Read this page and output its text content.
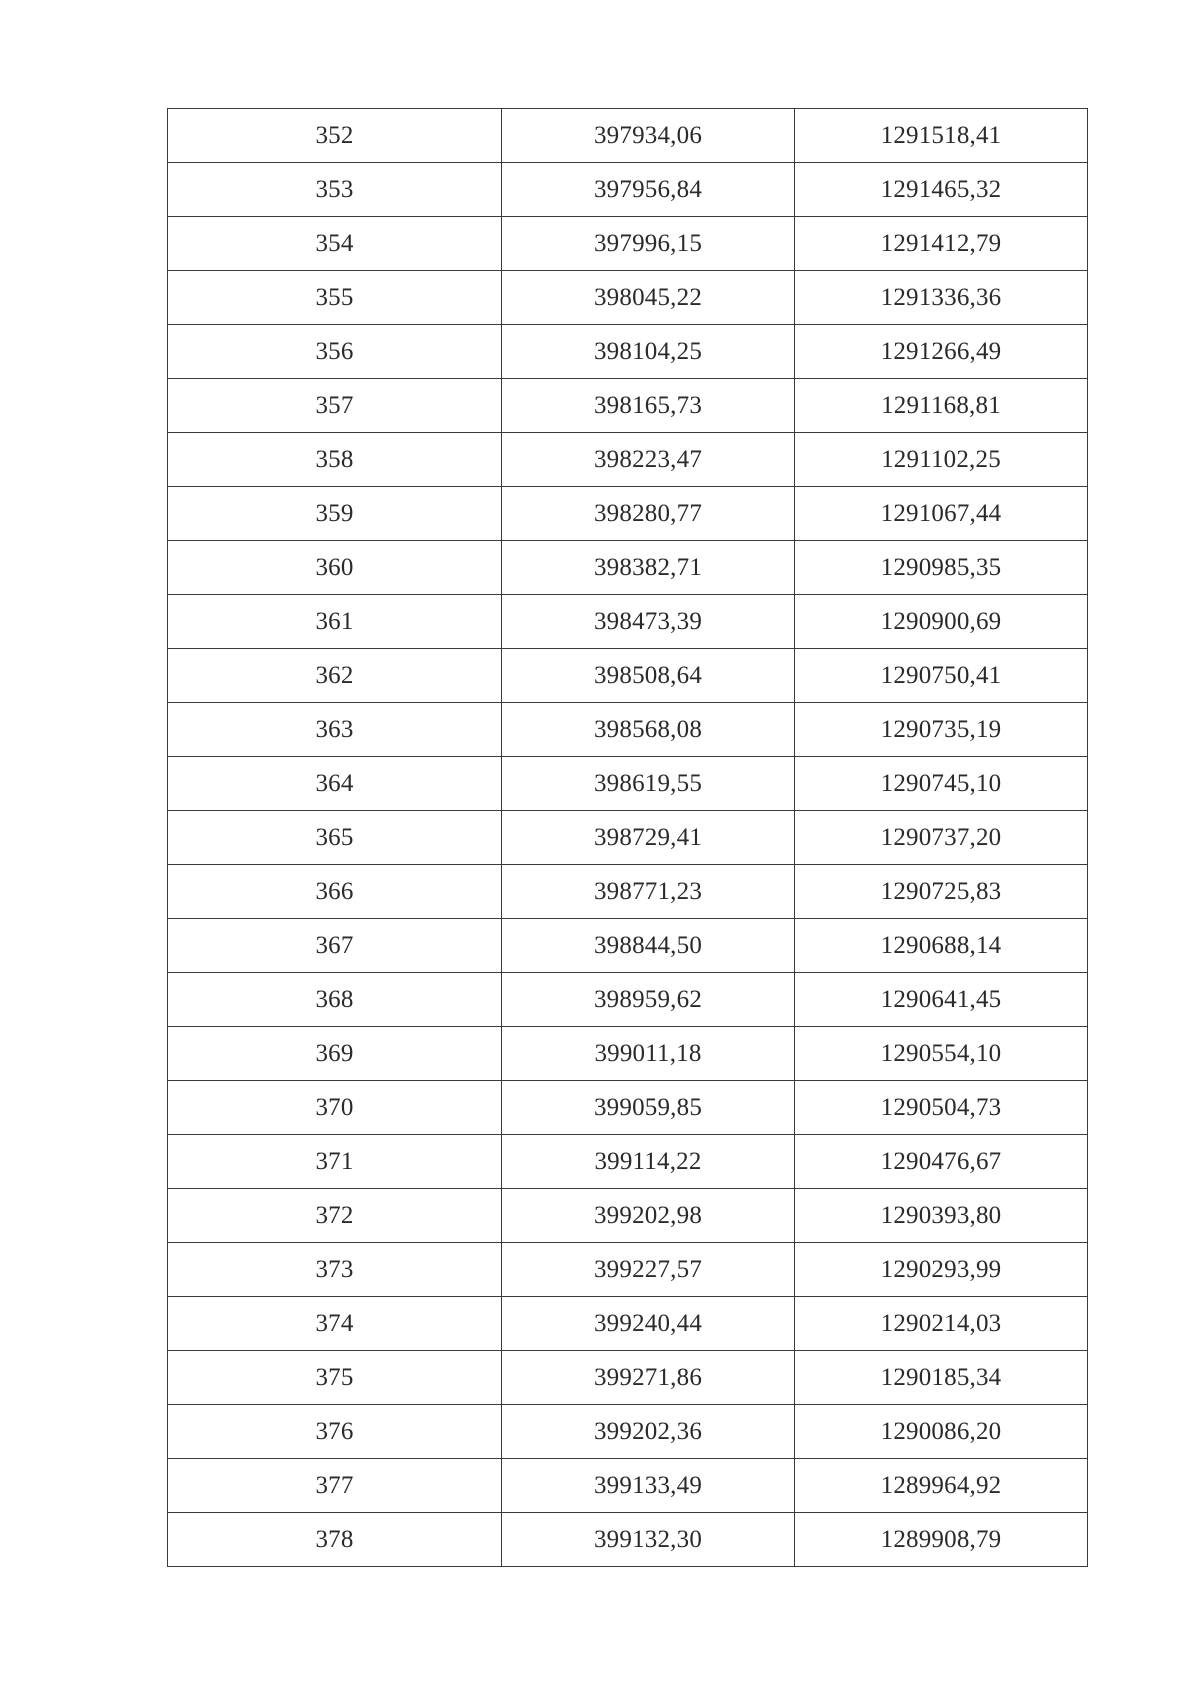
352	397934,06	1291518,41
353	397956,84	1291465,32
354	397996,15	1291412,79
355	398045,22	1291336,36
356	398104,25	1291266,49
357	398165,73	1291168,81
358	398223,47	1291102,25
359	398280,77	1291067,44
360	398382,71	1290985,35
361	398473,39	1290900,69
362	398508,64	1290750,41
363	398568,08	1290735,19
364	398619,55	1290745,10
365	398729,41	1290737,20
366	398771,23	1290725,83
367	398844,50	1290688,14
368	398959,62	1290641,45
369	399011,18	1290554,10
370	399059,85	1290504,73
371	399114,22	1290476,67
372	399202,98	1290393,80
373	399227,57	1290293,99
374	399240,44	1290214,03
375	399271,86	1290185,34
376	399202,36	1290086,20
377	399133,49	1289964,92
378	399132,30	1289908,79
